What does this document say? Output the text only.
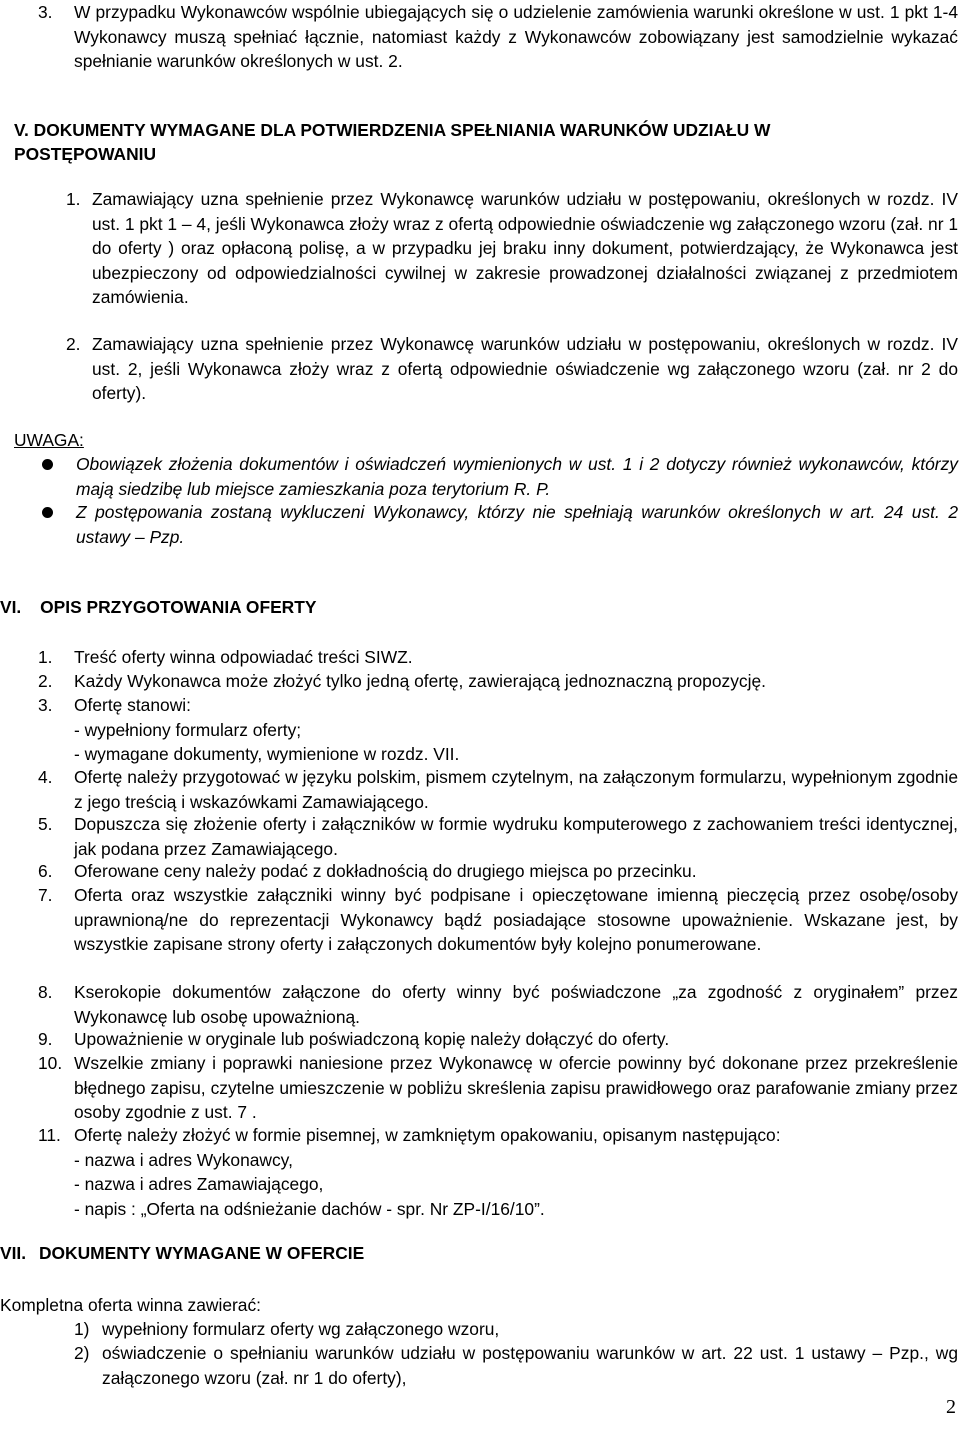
3. W przypadku Wykonawców wspólnie ubiegających się o udzielenie zamówienia warunki określone w ust. 1 pkt 1-4 Wykonawcy muszą spełniać łącznie, natomiast każdy z Wykonawców zobowiązany jest samodzielnie wykazać spełnianie warunków określonych w ust. 2.
V. DOKUMENTY WYMAGANE DLA POTWIERDZENIA SPEŁNIANIA WARUNKÓW UDZIAŁU W POSTĘPOWANIU
1. Zamawiający uzna spełnienie przez Wykonawcę warunków udziału w postępowaniu, określonych w rozdz. IV ust. 1 pkt 1 – 4, jeśli Wykonawca złoży wraz z ofertą odpowiednie oświadczenie wg załączonego wzoru (zał. nr 1 do oferty ) oraz opłaconą polisę, a w przypadku jej braku inny dokument, potwierdzający, że Wykonawca jest ubezpieczony od odpowiedzialności cywilnej w zakresie prowadzonej działalności związanej z przedmiotem zamówienia.
2. Zamawiający uzna spełnienie przez Wykonawcę warunków udziału w postępowaniu, określonych w rozdz. IV ust. 2, jeśli Wykonawca złoży wraz z ofertą odpowiednie oświadczenie wg załączonego wzoru (zał. nr 2 do oferty).
UWAGA:
Obowiązek złożenia dokumentów i oświadczeń wymienionych w ust. 1 i 2 dotyczy również wykonawców, którzy mają siedzibę lub miejsce zamieszkania poza terytorium R. P.
Z postępowania zostaną wykluczeni Wykonawcy, którzy nie spełniają warunków określonych w art. 24 ust. 2 ustawy – Pzp.
VI. OPIS PRZYGOTOWANIA OFERTY
1. Treść oferty winna odpowiadać treści SIWZ.
2. Każdy Wykonawca może złożyć tylko jedną ofertę, zawierającą jednoznaczną propozycję.
3. Ofertę stanowi:
- wypełniony formularz oferty;
- wymagane dokumenty, wymienione w rozdz. VII.
4. Ofertę należy przygotować w języku polskim, pismem czytelnym, na załączonym formularzu, wypełnionym zgodnie z jego treścią i wskazówkami Zamawiającego.
5. Dopuszcza się złożenie oferty i załączników w formie wydruku komputerowego z zachowaniem treści identycznej, jak podana przez Zamawiającego.
6. Oferowane ceny należy podać z dokładnością do drugiego miejsca po przecinku.
7. Oferta oraz wszystkie załączniki winny być podpisane i opieczętowane imienną pieczęcią przez osobę/osoby uprawnioną/ne do reprezentacji Wykonawcy bądź posiadające stosowne upoważnienie. Wskazane jest, by wszystkie zapisane strony oferty i załączonych dokumentów były kolejno ponumerowane.
8. Kserokopie dokumentów załączone do oferty winny być poświadczone „za zgodność z oryginałem” przez Wykonawcę lub osobę upoważnioną.
9. Upoważnienie w oryginale lub poświadczoną kopię należy dołączyć do oferty.
10. Wszelkie zmiany i poprawki naniesione przez Wykonawcę w ofercie powinny być dokonane przez przekreślenie błędnego zapisu, czytelne umieszczenie w pobliżu skreślenia zapisu prawidłowego oraz parafowanie zmiany przez osoby zgodnie z ust. 7 .
11. Ofertę należy złożyć w formie pisemnej, w zamkniętym opakowaniu, opisanym następująco:
- nazwa i adres Wykonawcy,
- nazwa i adres Zamawiającego,
- napis : „Oferta na odśnieżanie dachów - spr. Nr ZP-I/16/10”.
VII. DOKUMENTY WYMAGANE W OFERCIE
Kompletna oferta winna zawierać:
1) wypełniony formularz oferty wg załączonego wzoru,
2) oświadczenie o spełnianiu warunków udziału w postępowaniu warunków w art. 22 ust. 1 ustawy – Pzp., wg załączonego wzoru (zał. nr 1 do oferty),
2
